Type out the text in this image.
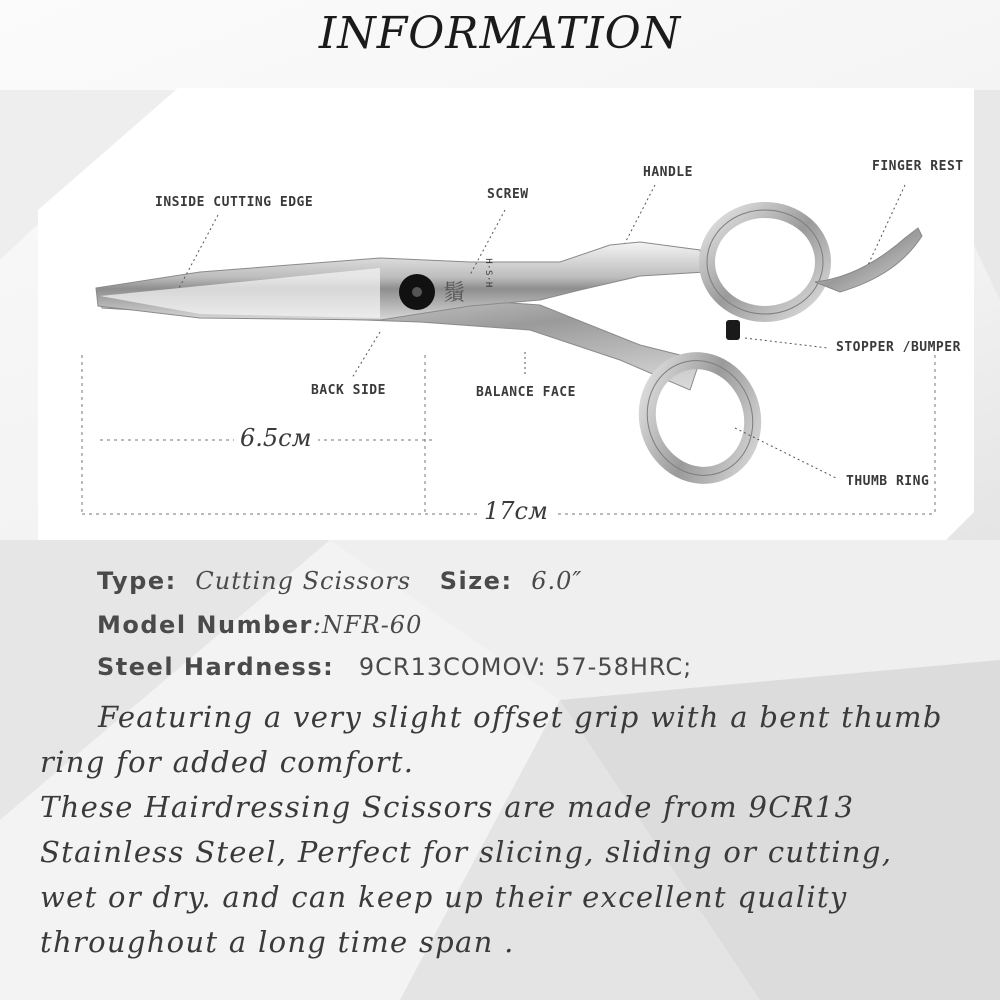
INFORMATION
鬚
INSIDE CUTTING EDGE
SCREW
HANDLE	FINGER REST
BACK SIDE	BALANCE FACE
STOPPER /BUMPER
THUMB RING
6.5cм
17cм
H·S·H
Type: Cutting Scissors Size: 6.0″
Model Number:NFR-60
Steel Hardness: 9CR13COMOV: 57-58HRC;

Featuring a very slight offset grip with a bent thumb ring for added comfort.

These Hairdressing Scissors are made from 9CR13 Stainless Steel, Perfect for slicing, sliding or cutting, wet or dry. and can keep up their excellent quality throughout a long time span .
